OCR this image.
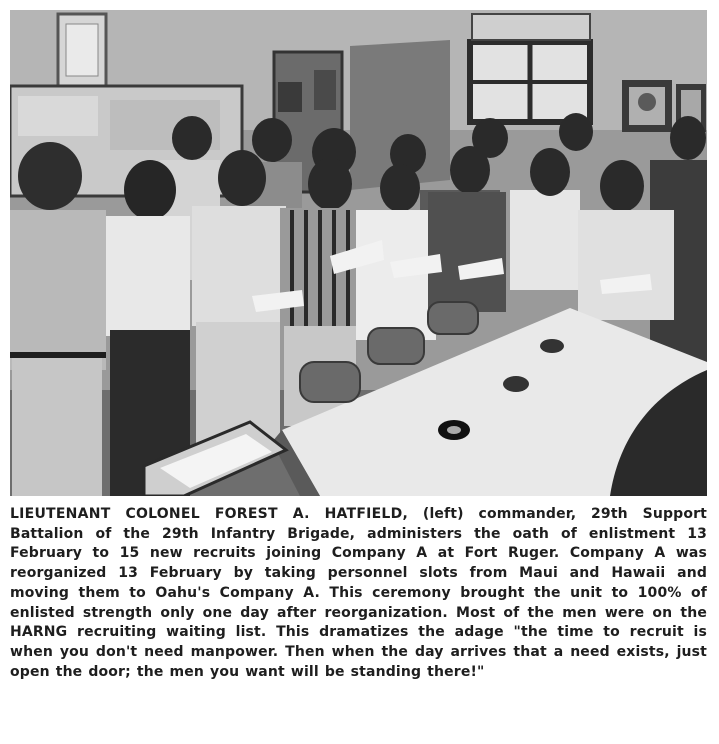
LIEUTENANT COLONEL FOREST A. HATFIELD, (left) commander, 29th Support Battalion of the 29th Infantry Brigade, administers the oath of enlistment 13 February to 15 new recruits joining Company A at Fort Ruger. Company A was reorganized 13 February by taking personnel slots from Maui and Hawaii and moving them to Oahu's Company A. This ceremony brought the unit to 100% of enlisted strength only one day after reorganization. Most of the men were on the HARNG recruiting waiting list. This dramatizes the adage "the time to recruit is when you don't need manpower. Then when the day arrives that a need exists, just open the door; the men you want will be standing there!"
